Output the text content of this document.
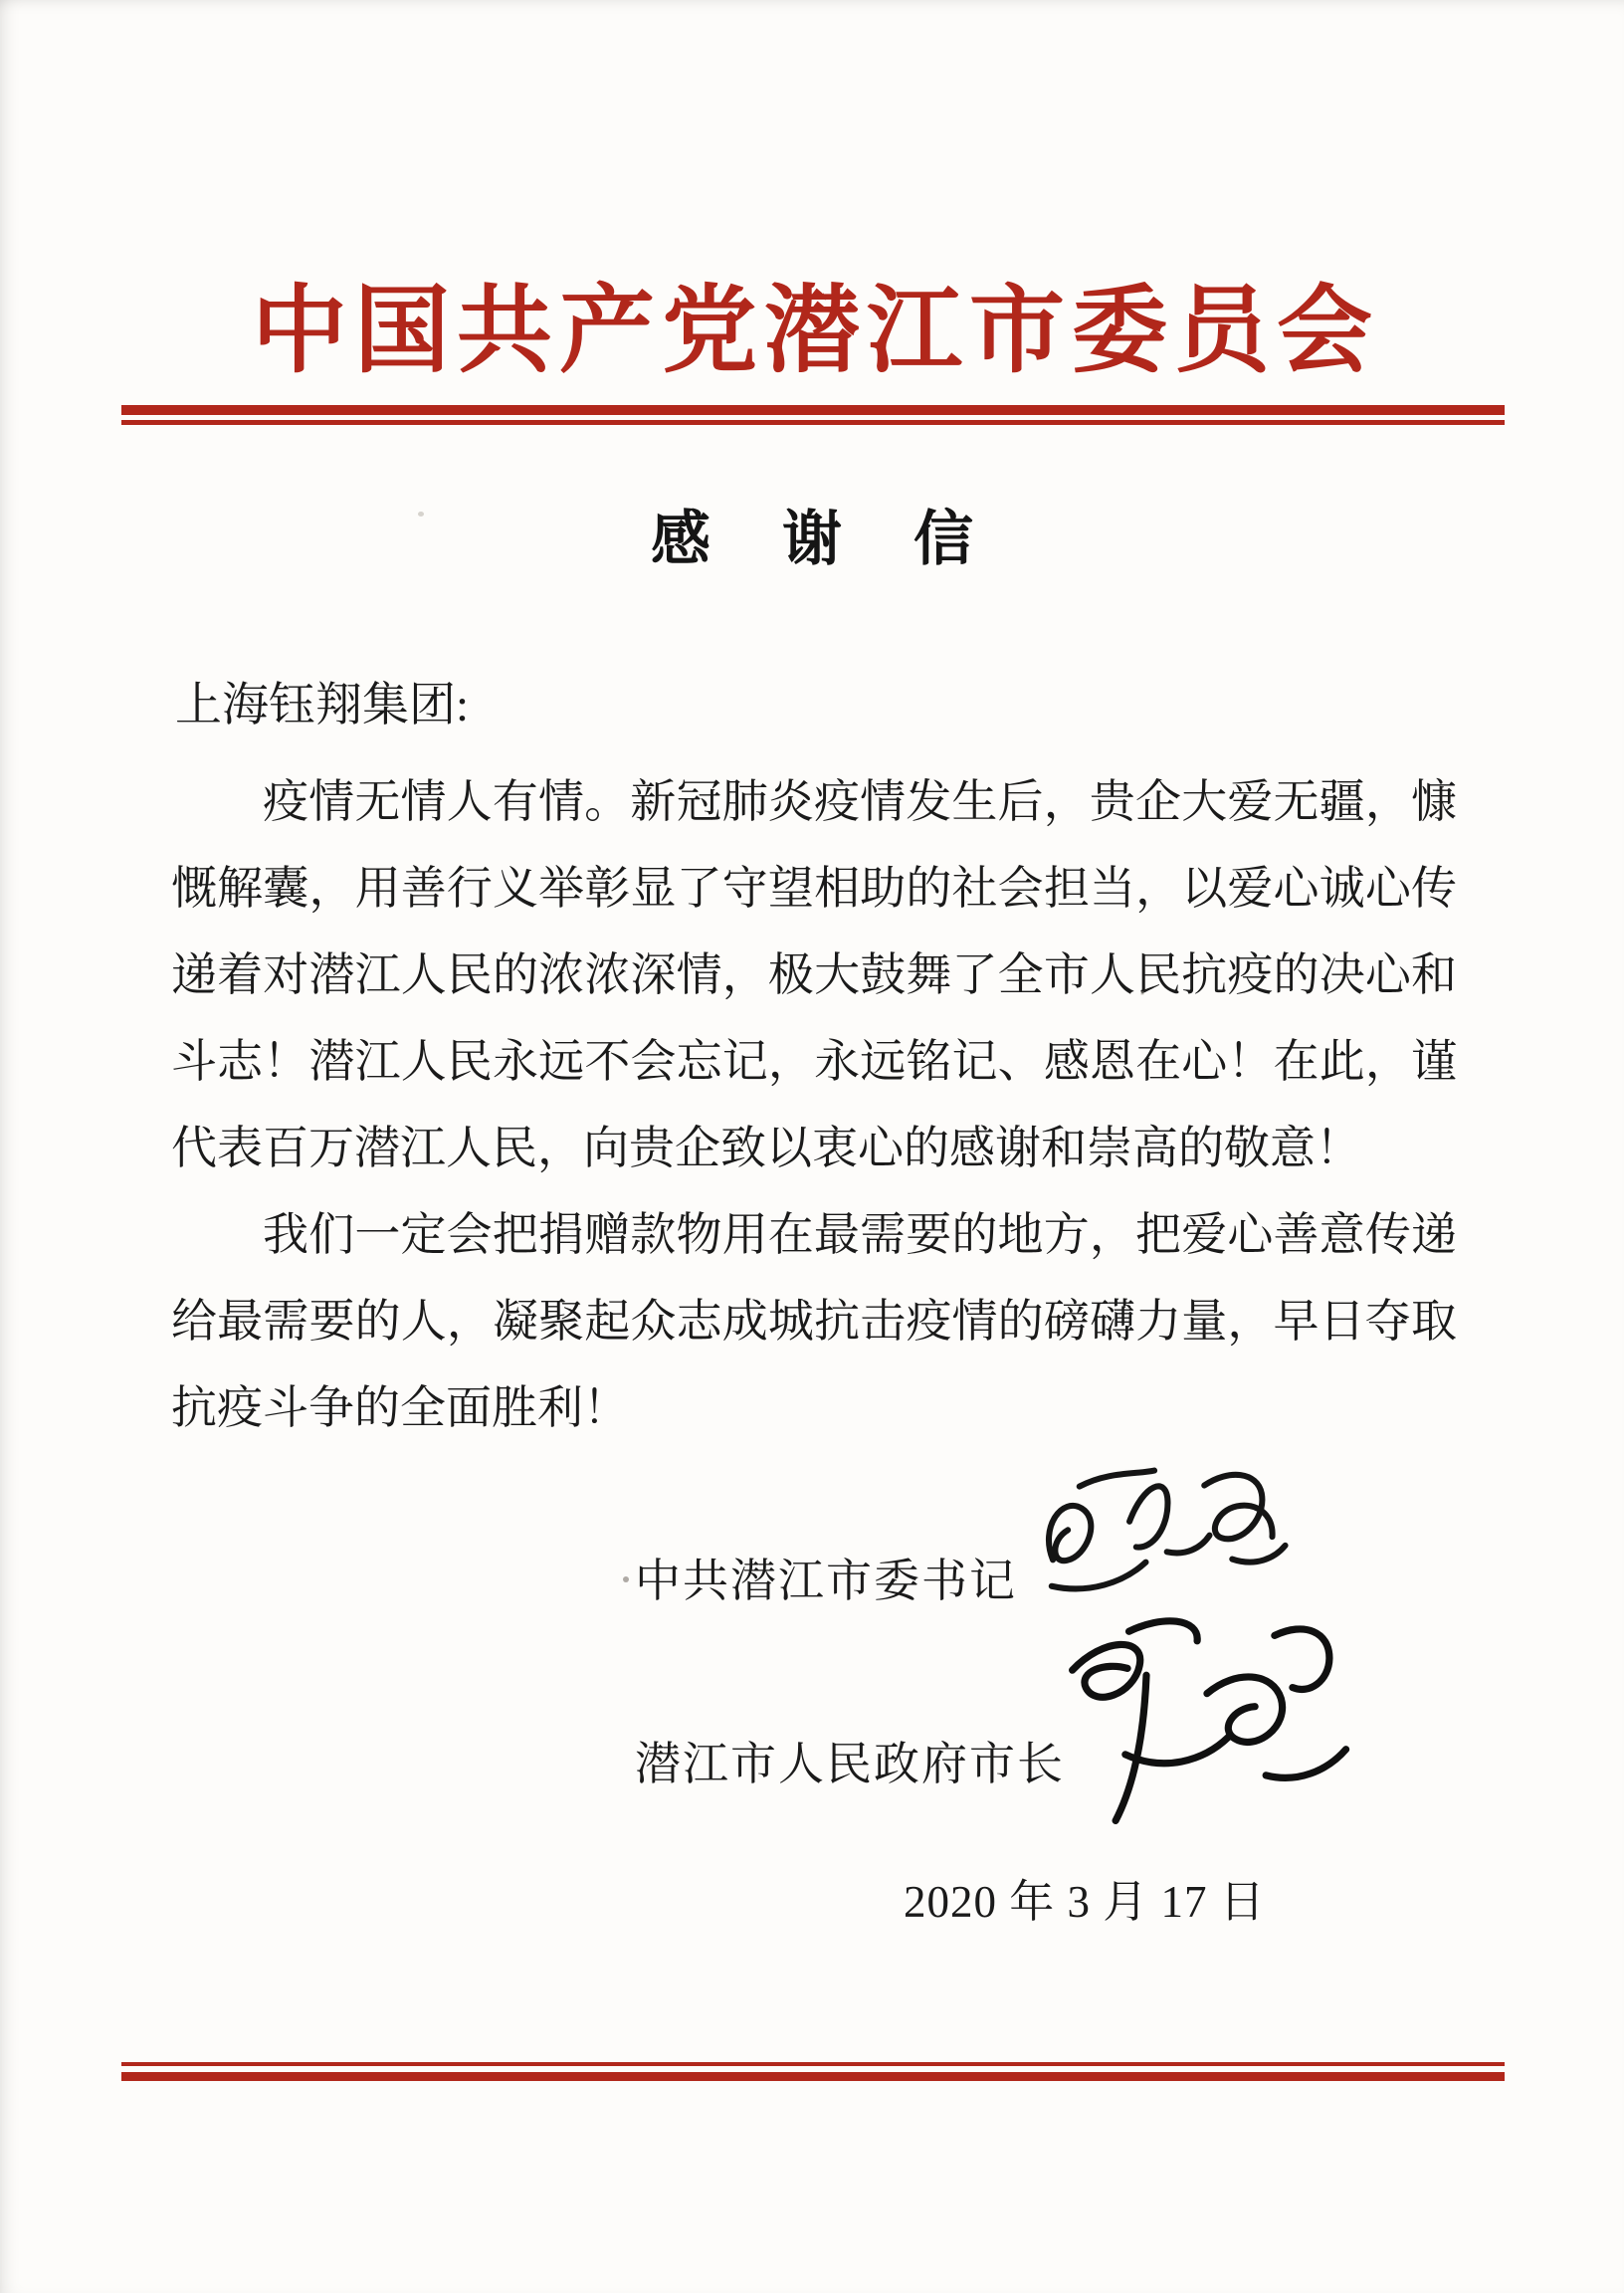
中国共产党潜江市委员会
感谢信
上海钰翔集团:
疫情无情人有情。新冠肺炎疫情发生后，贵企大爱无疆，慷
慨解囊，用善行义举彰显了守望相助的社会担当，以爱心诚心传
递着对潜江人民的浓浓深情，极大鼓舞了全市人民抗疫的决心和
斗志！潜江人民永远不会忘记，永远铭记、感恩在心！在此，谨
代表百万潜江人民，向贵企致以衷心的感谢和崇高的敬意！
我们一定会把捐赠款物用在最需要的地方，把爱心善意传递
给最需要的人，凝聚起众志成城抗击疫情的磅礴力量，早日夺取
抗疫斗争的全面胜利！
中共潜江市委书记
潜江市人民政府市长
2020 年 3 月 17 日
